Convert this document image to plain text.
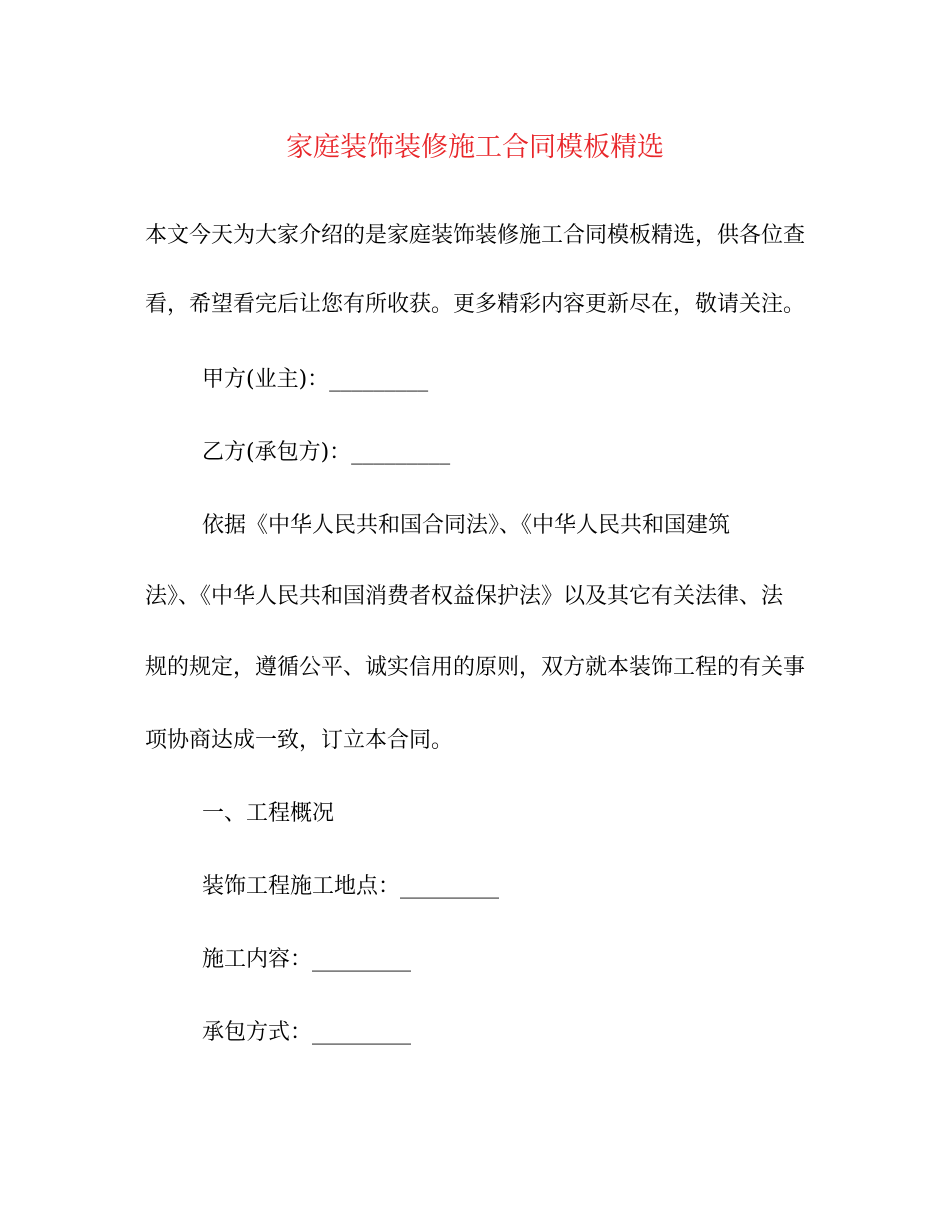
家庭装饰装修施工合同模板精选
本文今天为大家介绍的是家庭装饰装修施工合同模板精选，供各位查
看，希望看完后让您有所收获。更多精彩内容更新尽在，敬请关注。
甲方(业主)：_________
乙方(承包方)：_________
依据《中华人民共和国合同法》、《中华人民共和国建筑
法》、《中华人民共和国消费者权益保护法》以及其它有关法律、法
规的规定，遵循公平、诚实信用的原则，双方就本装饰工程的有关事
项协商达成一致，订立本合同。
一、工程概况
装饰工程施工地点：_________
施工内容：_________
承包方式：_________
